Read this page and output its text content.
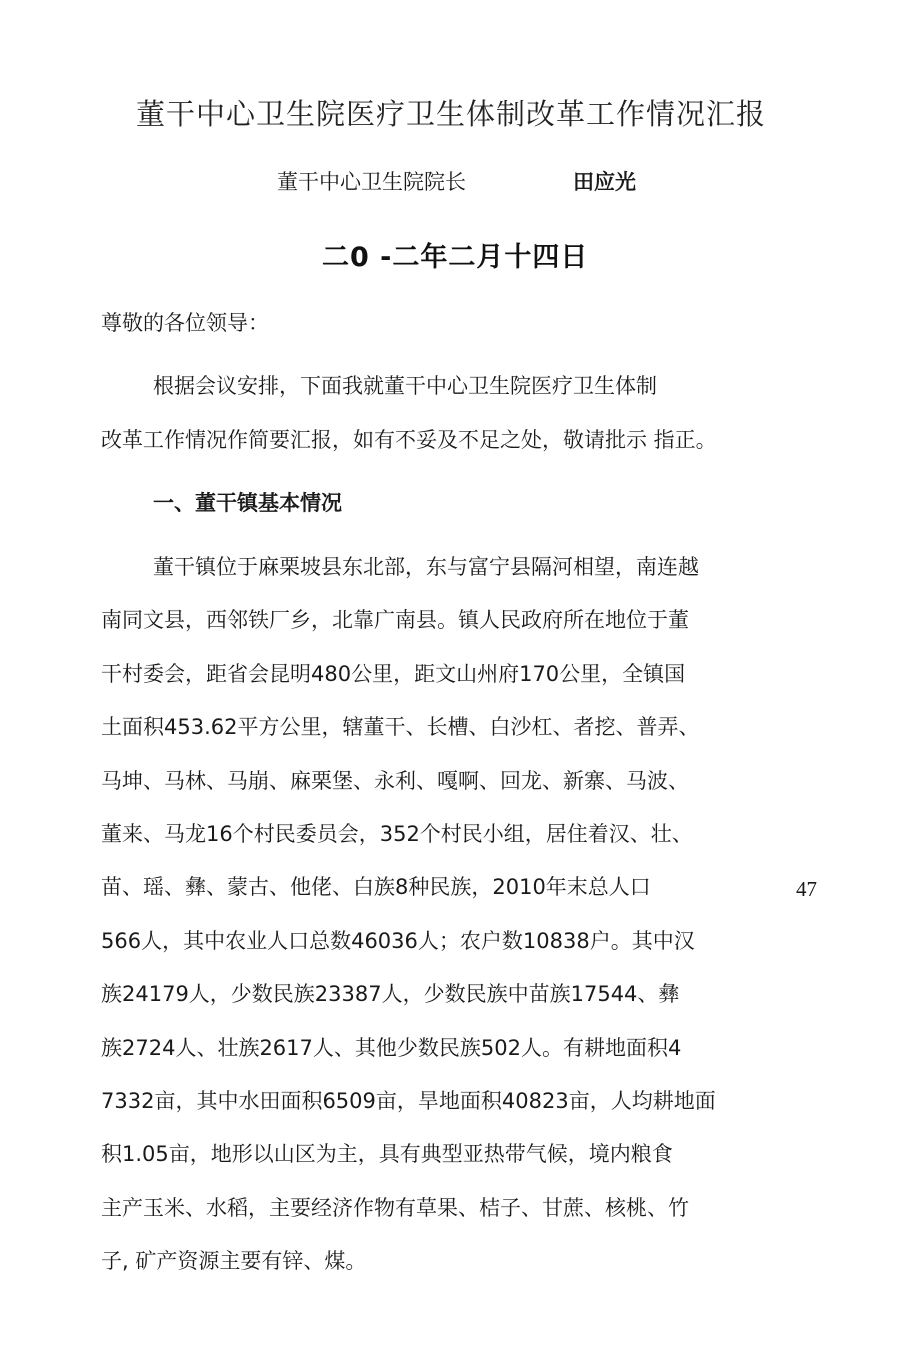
董干中心卫生院医疗卫生体制改革工作情况汇报
董干中心卫生院院长	田应光
二0 -二年二月十四日
尊敬的各位领导：
根据会议安排，下面我就董干中心卫生院医疗卫生体制
改革工作情况作简要汇报，如有不妥及不足之处，敬请批示 指正。
一、董干镇基本情况
董干镇位于麻栗坡县东北部，东与富宁县隔河相望，南连越
南同文县，西邻铁厂乡，北靠广南县。镇人民政府所在地位于董
干村委会，距省会昆明480公里，距文山州府170公里，全镇国
土面积453.62平方公里，辖董干、长槽、白沙杠、者挖、普弄、
马坤、马林、马崩、麻栗堡、永利、嘎啊、回龙、新寨、马波、
董来、马龙16个村民委员会，352个村民小组，居住着汉、壮、
苗、瑶、彝、蒙古、他佬、白族8种民族，2010年末总人口	47
566人，其中农业人口总数46036人；农户数10838户。其中汉
族24179人，少数民族23387人，少数民族中苗族17544、彝
族2724人、壮族2617人、其他少数民族502人。有耕地面积4
7332亩，其中水田面积6509亩，旱地面积40823亩，人均耕地面
积1.05亩，地形以山区为主，具有典型亚热带气候，境内粮食
主产玉米、水稻，主要经济作物有草果、桔子、甘蔗、核桃、竹
子, 矿产资源主要有锌、煤。
